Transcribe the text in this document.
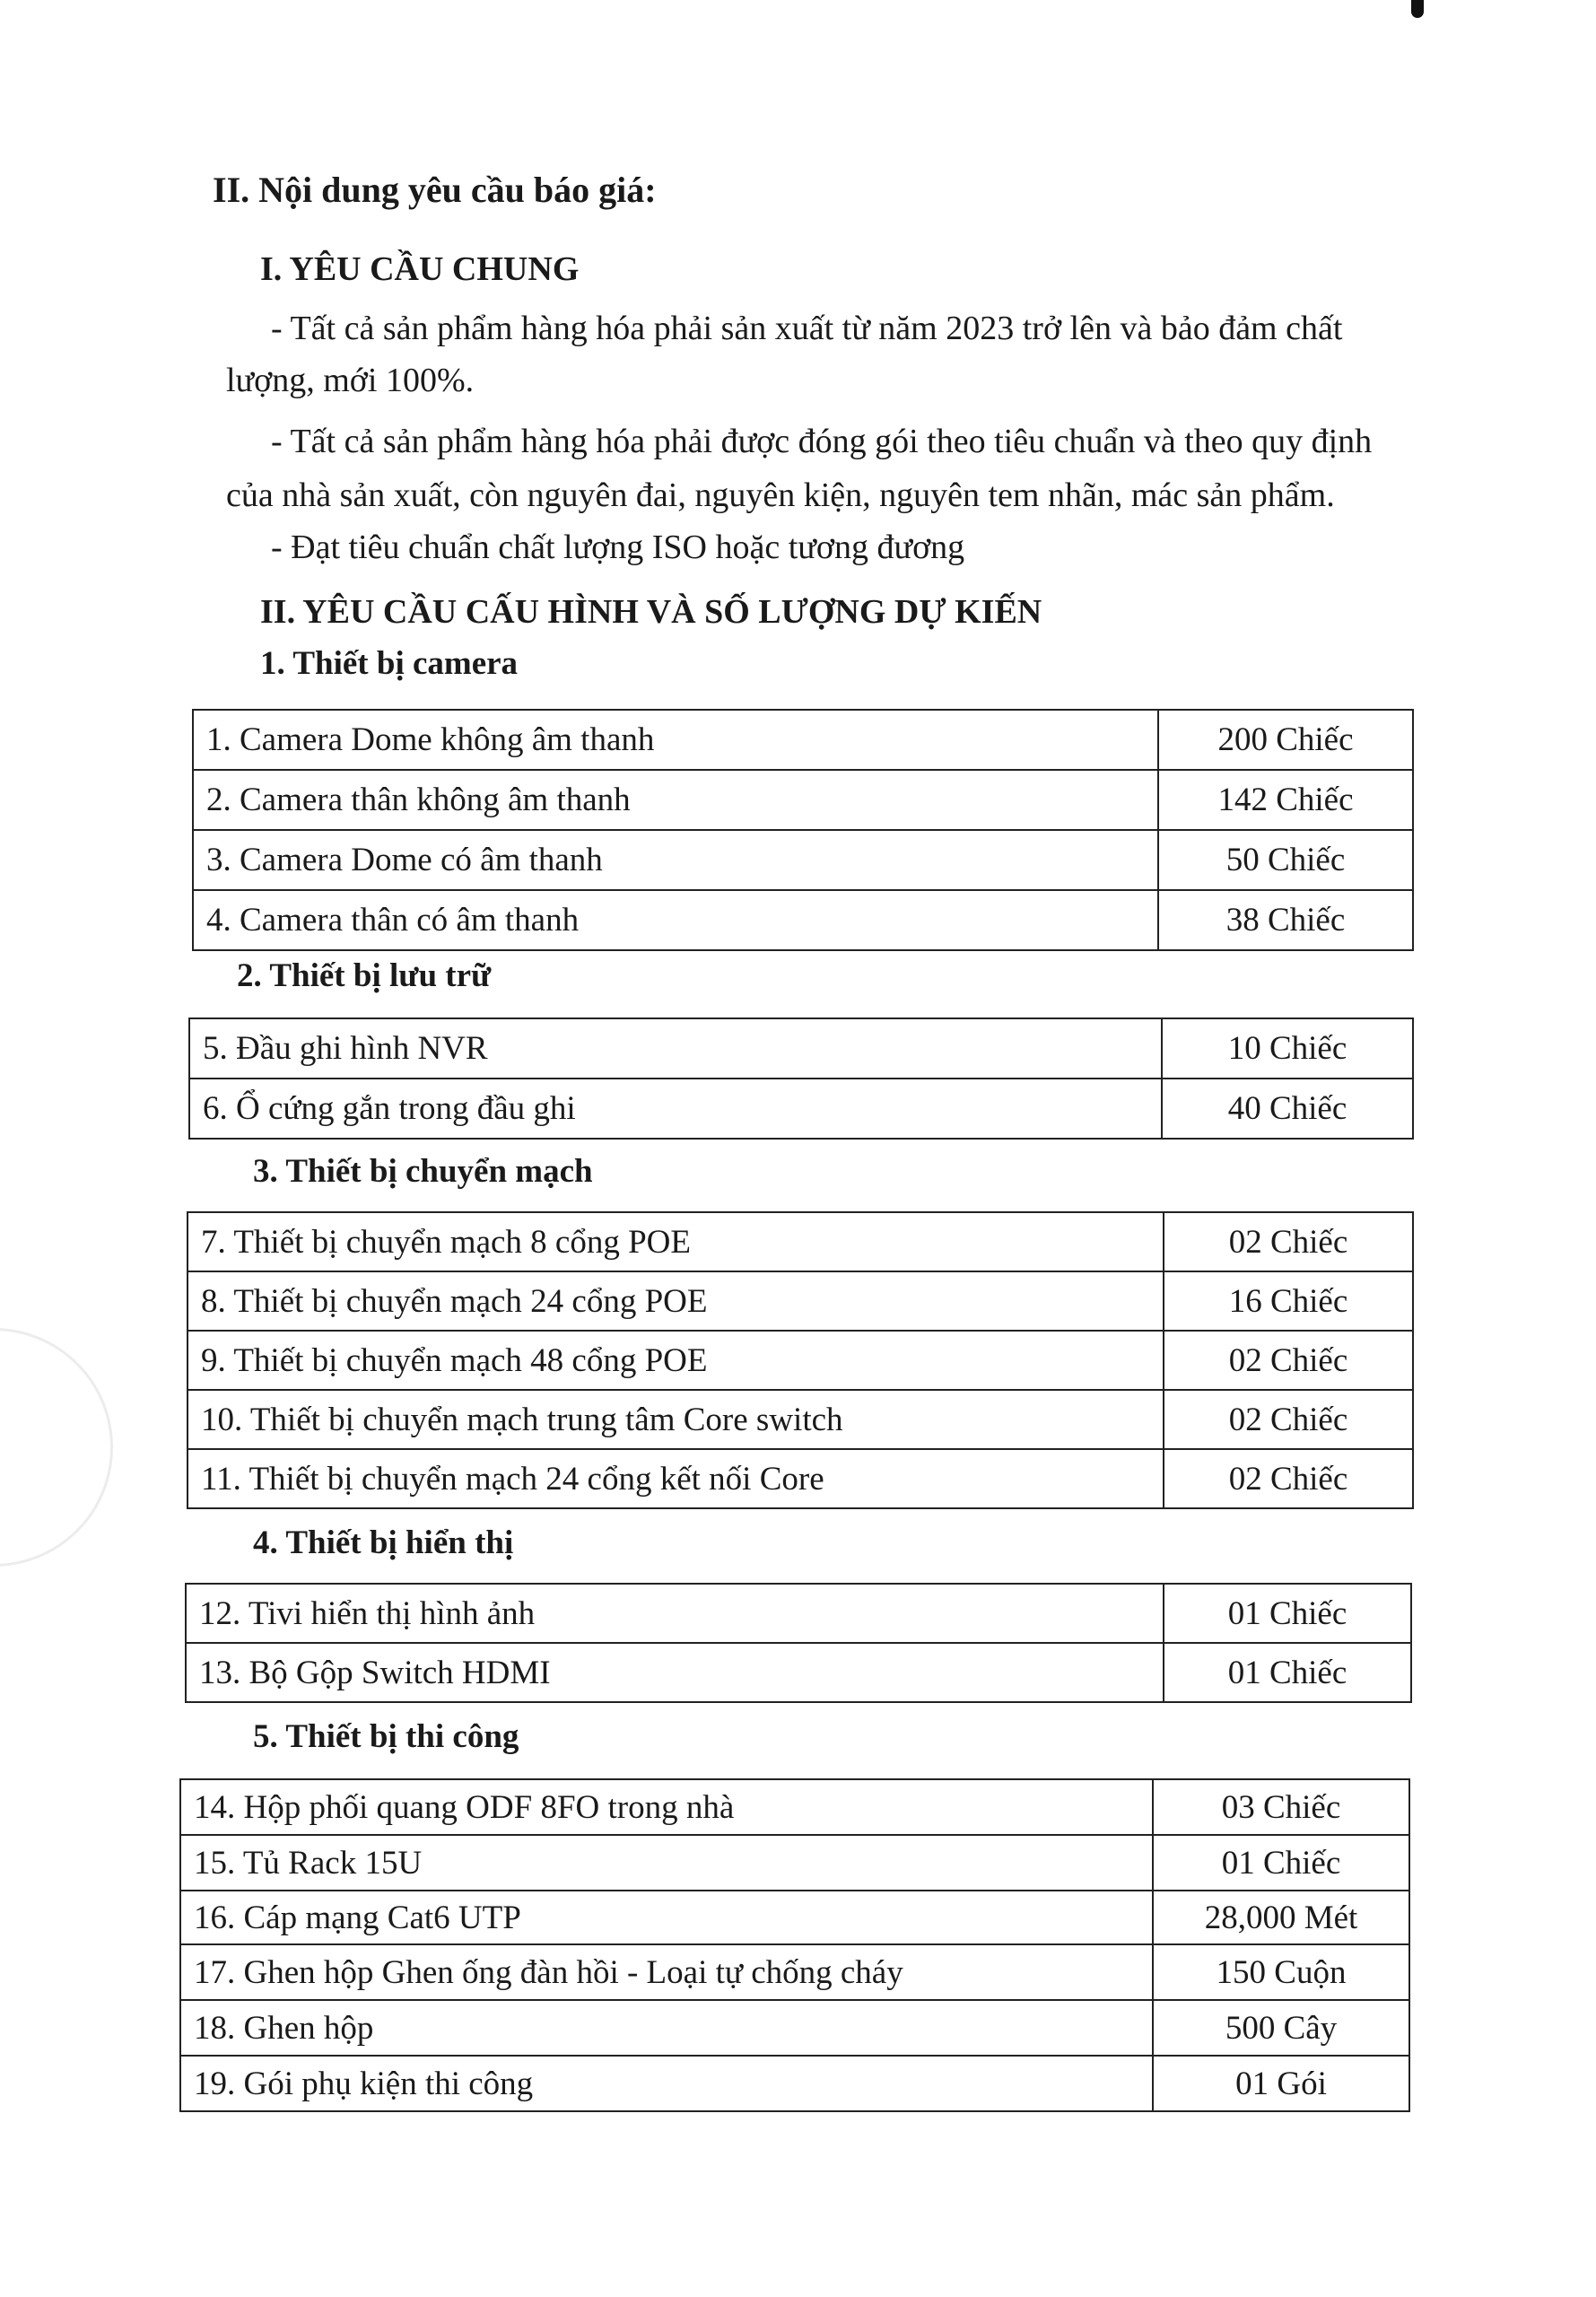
II. Nội dung yêu cầu báo giá:
I. YÊU CẦU CHUNG
- Tất cả sản phẩm hàng hóa phải sản xuất từ năm 2023 trở lên và bảo đảm chất
lượng, mới 100%.
- Tất cả sản phẩm hàng hóa phải được đóng gói theo tiêu chuẩn và theo quy định
của nhà sản xuất, còn nguyên đai, nguyên kiện, nguyên tem nhãn, mác sản phẩm.
- Đạt tiêu chuẩn chất lượng ISO hoặc tương đương
II. YÊU CẦU CẤU HÌNH VÀ SỐ LƯỢNG DỰ KIẾN
1. Thiết bị camera
1. Camera Dome không âm thanh	200 Chiếc
2. Camera thân không âm thanh	142 Chiếc
3. Camera Dome có âm thanh	50 Chiếc
4. Camera thân có âm thanh	38 Chiếc
2. Thiết bị lưu trữ
5. Đầu ghi hình NVR	10 Chiếc
6. Ổ cứng gắn trong đầu ghi	40 Chiếc
3. Thiết bị chuyển mạch
7. Thiết bị chuyển mạch 8 cổng POE	02 Chiếc
8. Thiết bị chuyển mạch 24 cổng POE	16 Chiếc
9. Thiết bị chuyển mạch 48 cổng POE	02 Chiếc
10. Thiết bị chuyển mạch trung tâm Core switch	02 Chiếc
11. Thiết bị chuyển mạch 24 cổng kết nối Core	02 Chiếc
4. Thiết bị hiển thị
12. Tivi hiển thị hình ảnh	01 Chiếc
13. Bộ Gộp Switch HDMI	01 Chiếc
5. Thiết bị thi công
14. Hộp phối quang ODF 8FO trong nhà	03 Chiếc
15. Tủ Rack 15U	01 Chiếc
16. Cáp mạng Cat6 UTP	28,000 Mét
17. Ghen hộp Ghen ống đàn hồi - Loại tự chống cháy	150 Cuộn
18. Ghen hộp	500 Cây
19. Gói phụ kiện thi công	01 Gói
